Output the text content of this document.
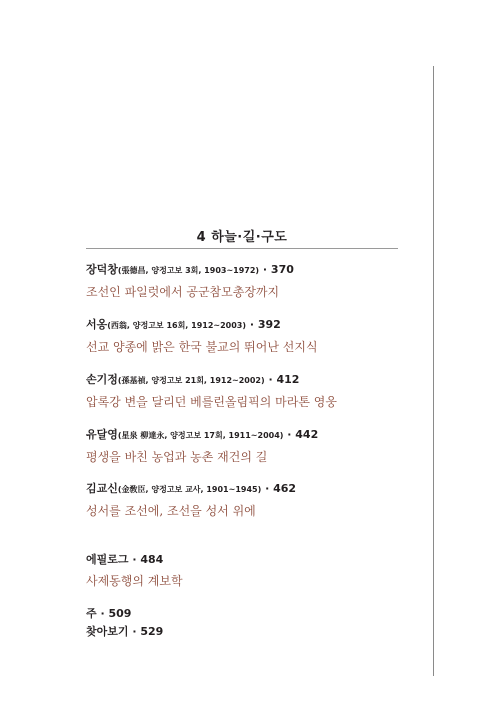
4 하늘·길·구도
장덕창(張德昌, 양정고보 3회, 1903~1972) · 370
조선인 파일럿에서 공군참모총장까지
서옹(西翁, 양정고보 16회, 1912~2003) · 392
선교 양종에 밝은 한국 불교의 뛰어난 선지식
손기정(孫基禎, 양정고보 21회, 1912~2002) · 412
압록강 변을 달리던 베를린올림픽의 마라톤 영웅
유달영(星泉 柳達永, 양정고보 17회, 1911~2004) · 442
평생을 바친 농업과 농촌 재건의 길
김교신(金敎臣, 양정고보 교사, 1901~1945) · 462
성서를 조선에, 조선을 성서 위에
에필로그 · 484
사제동행의 계보학
주 · 509
찾아보기 · 529
